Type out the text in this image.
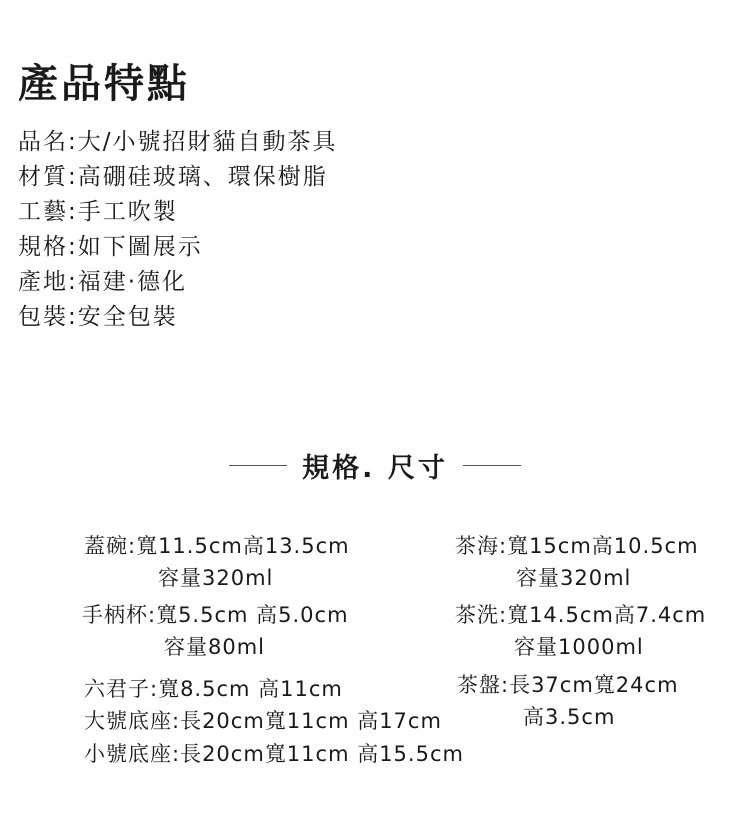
產品特點
品名:大/小號招財貓自動茶具
材質:高硼硅玻璃、環保樹脂
工藝:手工吹製
規格:如下圖展示
產地:福建·德化
包裝:安全包裝
規格. 尺寸
蓋碗:寬11.5cm高13.5cm
容量320ml
手柄杯:寬5.5cm 高5.0cm
容量80ml
六君子:寬8.5cm 高11cm
大號底座:長20cm寬11cm 高17cm
小號底座:長20cm寬11cm 高15.5cm
茶海:寬15cm高10.5cm
容量320ml
茶洗:寬14.5cm高7.4cm
容量1000ml
茶盤:長37cm寬24cm
高3.5cm
